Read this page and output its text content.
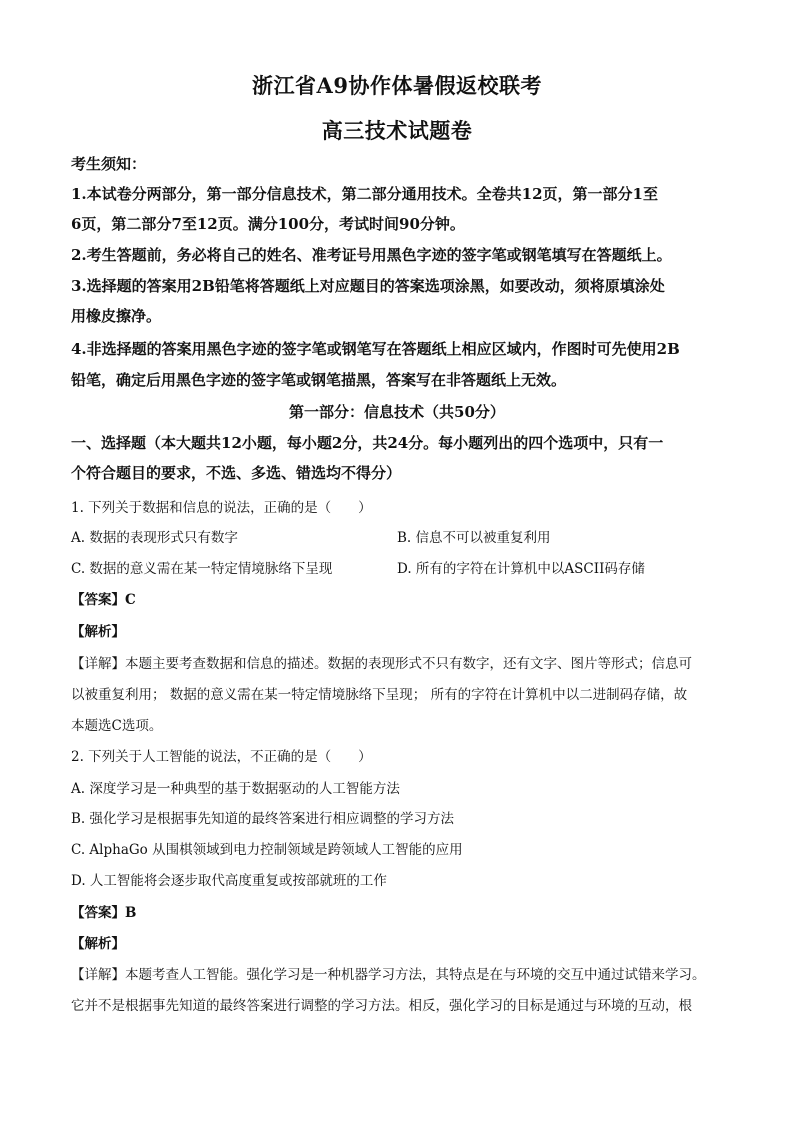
浙江省A9协作体暑假返校联考
高三技术试题卷
考生须知：
1.本试卷分两部分，第一部分信息技术，第二部分通用技术。全卷共12页，第一部分1至
6页，第二部分7至12页。满分100分，考试时间90分钟。
2.考生答题前，务必将自己的姓名、准考证号用黑色字迹的签字笔或钢笔填写在答题纸上。
3.选择题的答案用2B铅笔将答题纸上对应题目的答案选项涂黑，如要改动，须将原填涂处
用橡皮擦净。
4.非选择题的答案用黑色字迹的签字笔或钢笔写在答题纸上相应区域内，作图时可先使用2B
铅笔，确定后用黑色字迹的签字笔或钢笔描黑，答案写在非答题纸上无效。
第一部分：信息技术（共50分）
一、选择题（本大题共12小题，每小题2分，共24分。每小题列出的四个选项中，只有一
个符合题目的要求，不选、多选、错选均不得分）
1. 下列关于数据和信息的说法，正确的是（　　）
A. 数据的表现形式只有数字	B. 信息不可以被重复利用
C. 数据的意义需在某一特定情境脉络下呈现	D. 所有的字符在计算机中以ASCII码存储
【答案】C
【解析】
【详解】本题主要考查数据和信息的描述。数据的表现形式不只有数字，还有文字、图片等形式；信息可
以被重复利用； 数据的意义需在某一特定情境脉络下呈现； 所有的字符在计算机中以二进制码存储，故
本题选C选项。
2. 下列关于人工智能的说法，不正确的是（　　）
A. 深度学习是一种典型的基于数据驱动的人工智能方法
B. 强化学习是根据事先知道的最终答案进行相应调整的学习方法
C. AlphaGo 从围棋领域到电力控制领域是跨领域人工智能的应用
D. 人工智能将会逐步取代高度重复或按部就班的工作
【答案】B
【解析】
【详解】本题考查人工智能。强化学习是一种机器学习方法，其特点是在与环境的交互中通过试错来学习。
它并不是根据事先知道的最终答案进行调整的学习方法。相反，强化学习的目标是通过与环境的互动，根
